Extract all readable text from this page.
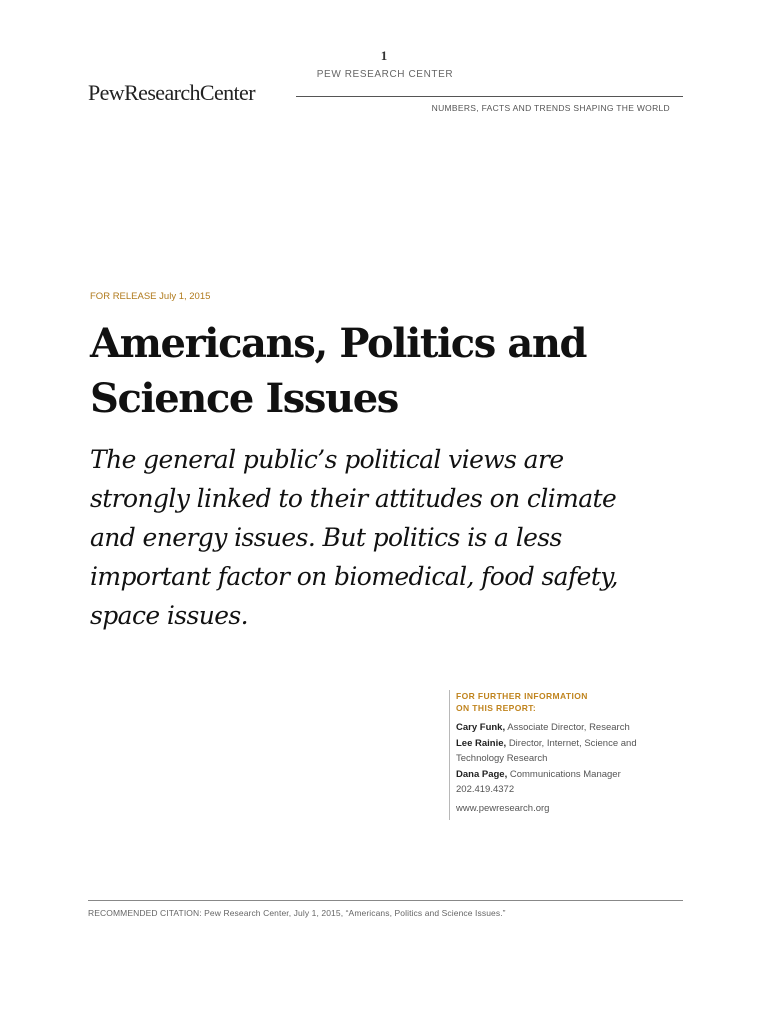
1
PEW RESEARCH CENTER
PewResearchCenter
NUMBERS, FACTS AND TRENDS SHAPING THE WORLD
FOR RELEASE July 1, 2015
Americans, Politics and
Science Issues

The general public’s political views are
strongly linked to their attitudes on climate
and energy issues. But politics is a less
important factor on biomedical, food safety,
space issues.

FOR FURTHER INFORMATION
ON THIS REPORT:
Cary Funk, Associate Director, Research
Lee Rainie, Director, Internet, Science and
Technology Research
Dana Page, Communications Manager
202.419.4372
www.pewresearch.org
RECOMMENDED CITATION: Pew Research Center, July 1, 2015, “Americans, Politics and Science Issues.”
